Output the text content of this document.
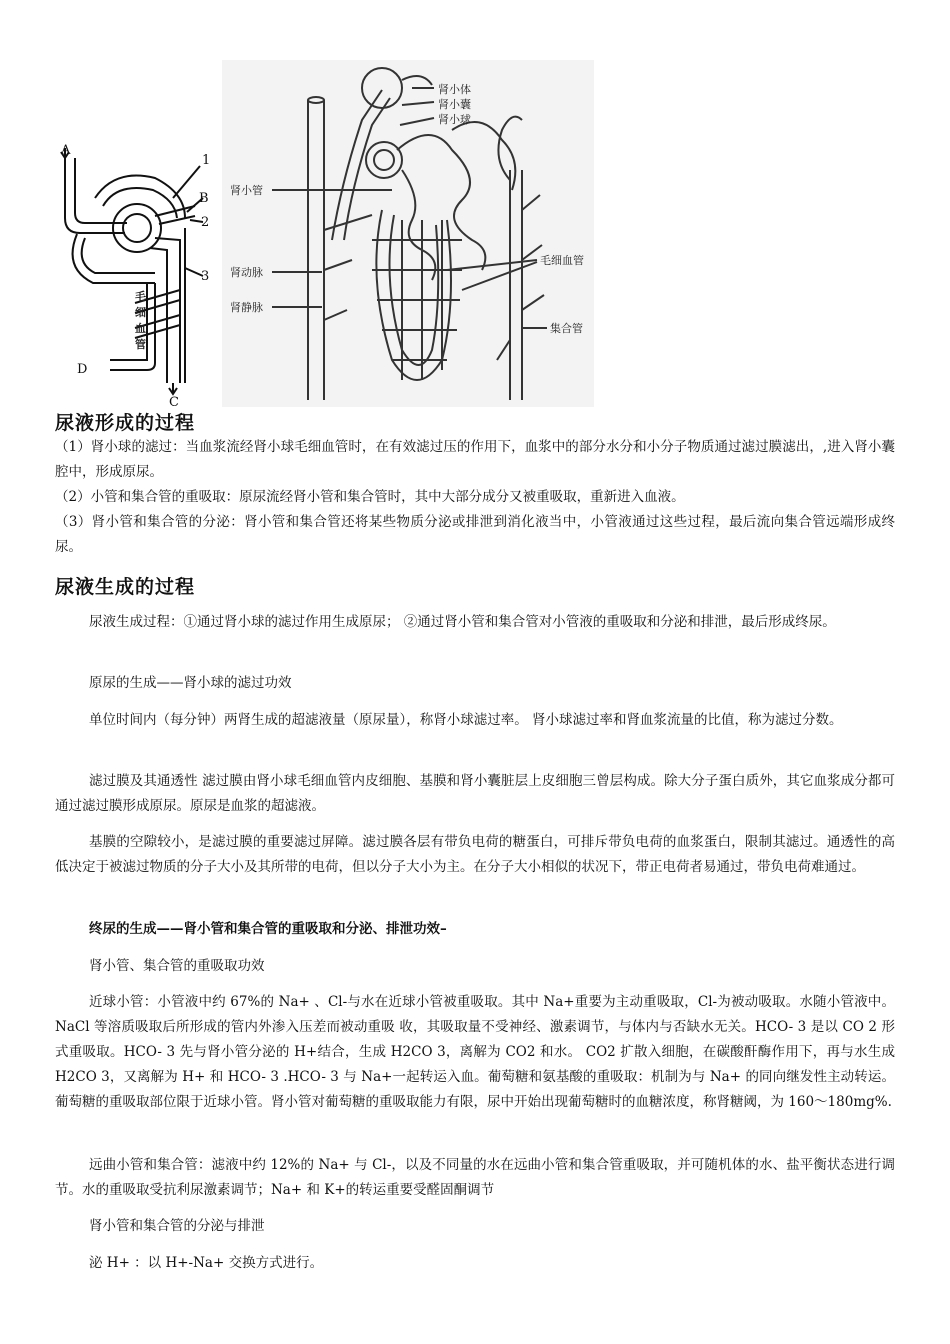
A
1
B
2
3
D
C
毛
细
血
管
肾小体
肾小囊
肾小球
肾小管
肾动脉
肾静脉
毛细血管
集合管
尿液形成的过程

（1）肾小球的滤过：当血浆流经肾小球毛细血管时，在有效滤过压的作用下，血浆中的部分水分和小分子物质通过滤过膜滤出，,进入肾小囊腔中，形成原尿。

（2）小管和集合管的重吸取：原尿流经肾小管和集合管时，其中大部分成分又被重吸取，重新进入血液。

（3）肾小管和集合管的分泌：肾小管和集合管还将某些物质分泌或排泄到消化液当中，小管液通过这些过程，最后流向集合管远端形成终尿。

尿液生成的过程

尿液生成过程：①通过肾小球的滤过作用生成原尿； ②通过肾小管和集合管对小管液的重吸取和分泌和排泄，最后形成终尿。

原尿的生成——肾小球的滤过功效

单位时间内（每分钟）两肾生成的超滤液量（原尿量），称肾小球滤过率。 肾小球滤过率和肾血浆流量的比值，称为滤过分数。

滤过膜及其通透性 滤过膜由肾小球毛细血管内皮细胞、基膜和肾小囊脏层上皮细胞三曾层构成。除大分子蛋白质外，其它血浆成分都可通过滤过膜形成原尿。原尿是血浆的超滤液。

基膜的空隙较小，是滤过膜的重要滤过屏障。滤过膜各层有带负电荷的糖蛋白，可排斥带负电荷的血浆蛋白，限制其滤过。通透性的高低决定于被滤过物质的分子大小及其所带的电荷，但以分子大小为主。在分子大小相似的状况下，带正电荷者易通过，带负电荷难通过。

终尿的生成——肾小管和集合管的重吸取和分泌、排泄功效–

肾小管、集合管的重吸取功效

近球小管：小管液中约 67%的 Na+ 、Cl-与水在近球小管被重吸取。其中 Na+重要为主动重吸取，Cl-为被动吸取。水随小管液中。NaCl 等溶质吸取后所形成的管内外渗入压差而被动重吸 收，其吸取量不受神经、激素调节，与体内与否缺水无关。HCO- 3 是以 CO 2 形式重吸取。HCO- 3 先与肾小管分泌的 H+结合，生成 H2CO 3，离解为 CO2 和水。 CO2 扩散入细胞，在碳酸酐酶作用下，再与水生成 H2CO 3，又离解为 H+ 和 HCO- 3 .HCO- 3 与 Na+一起转运入血。葡萄糖和氨基酸的重吸取：机制为与 Na+ 的同向继发性主动转运。葡萄糖的重吸取部位限于近球小管。肾小管对葡萄糖的重吸取能力有限，尿中开始出现葡萄糖时的血糖浓度，称肾糖阈，为 160～180mg%.

远曲小管和集合管：滤液中约 12%的 Na+ 与 Cl-，以及不同量的水在远曲小管和集合管重吸取，并可随机体的水、盐平衡状态进行调节。水的重吸取受抗利尿激素调节；Na+ 和 K+的转运重要受醛固酮调节

肾小管和集合管的分泌与排泄

泌 H+ ：以 H+-Na+ 交换方式进行。
